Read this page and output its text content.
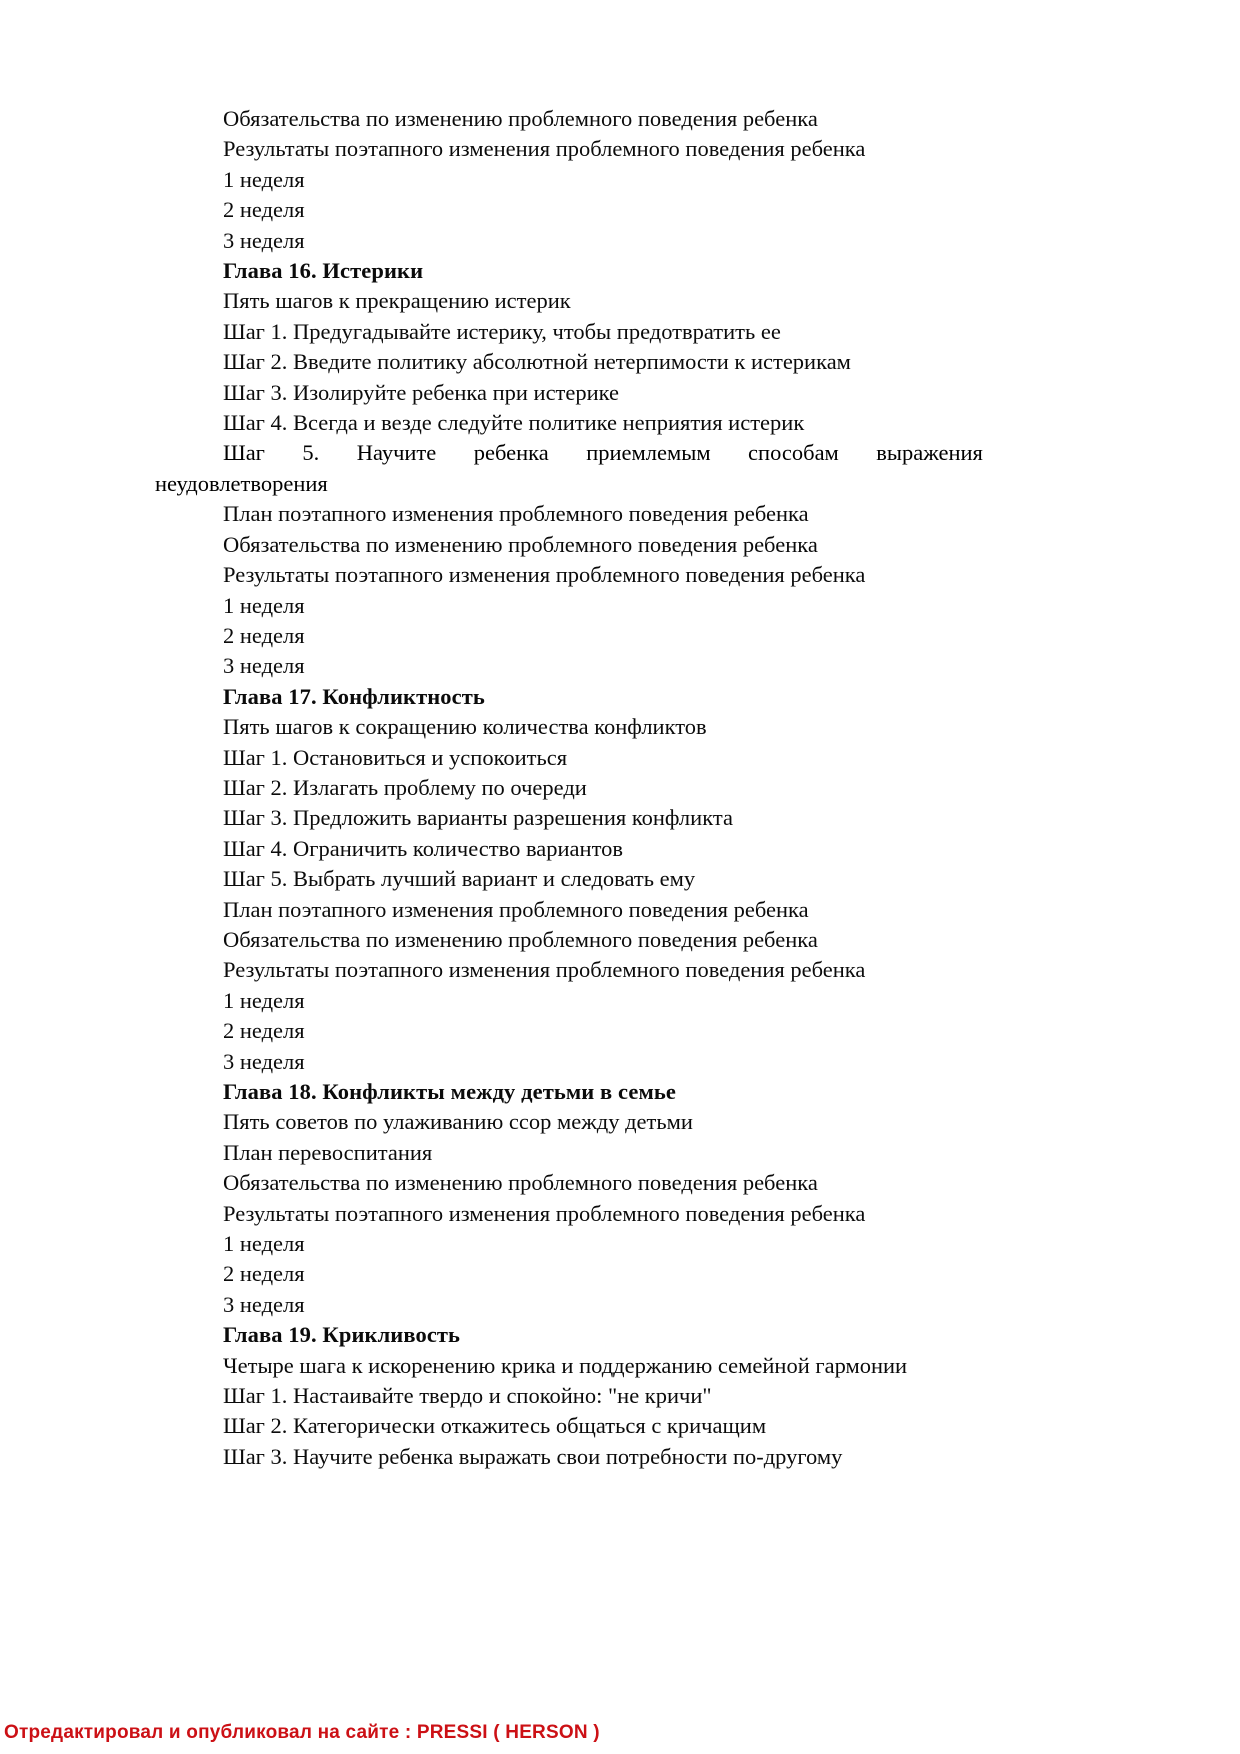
Обязательства по изменению проблемного поведения ребенка
Результаты поэтапного изменения проблемного поведения ребенка
1 неделя
2 неделя
3 неделя
Глава 16. Истерики
Пять шагов к прекращению истерик
Шаг 1. Предугадывайте истерику, чтобы предотвратить ее
Шаг 2. Введите политику абсолютной нетерпимости к истерикам
Шаг 3. Изолируйте ребенка при истерике
Шаг 4. Всегда и везде следуйте политике неприятия истерик
Шаг 5. Научите ребенка приемлемым способам выражения
неудовлетворения
План поэтапного изменения проблемного поведения ребенка
Обязательства по изменению проблемного поведения ребенка
Результаты поэтапного изменения проблемного поведения ребенка
1 неделя
2 неделя
3 неделя
Глава 17. Конфликтность
Пять шагов к сокращению количества конфликтов
Шаг 1. Остановиться и успокоиться
Шаг 2. Излагать проблему по очереди
Шаг 3. Предложить варианты разрешения конфликта
Шаг 4. Ограничить количество вариантов
Шаг 5. Выбрать лучший вариант и следовать ему
План поэтапного изменения проблемного поведения ребенка
Обязательства по изменению проблемного поведения ребенка
Результаты поэтапного изменения проблемного поведения ребенка
1 неделя
2 неделя
3 неделя
Глава 18. Конфликты между детьми в семье
Пять советов по улаживанию ссор между детьми
План перевоспитания
Обязательства по изменению проблемного поведения ребенка
Результаты поэтапного изменения проблемного поведения ребенка
1 неделя
2 неделя
3 неделя
Глава 19. Крикливость
Четыре шага к искоренению крика и поддержанию семейной гармонии
Шаг 1. Настаивайте твердо и спокойно: "не кричи"
Шаг 2. Категорически откажитесь общаться с кричащим
Шаг 3. Научите ребенка выражать свои потребности по-другому
Отредактировал и опубликовал на сайте : PRESSI ( HERSON )
